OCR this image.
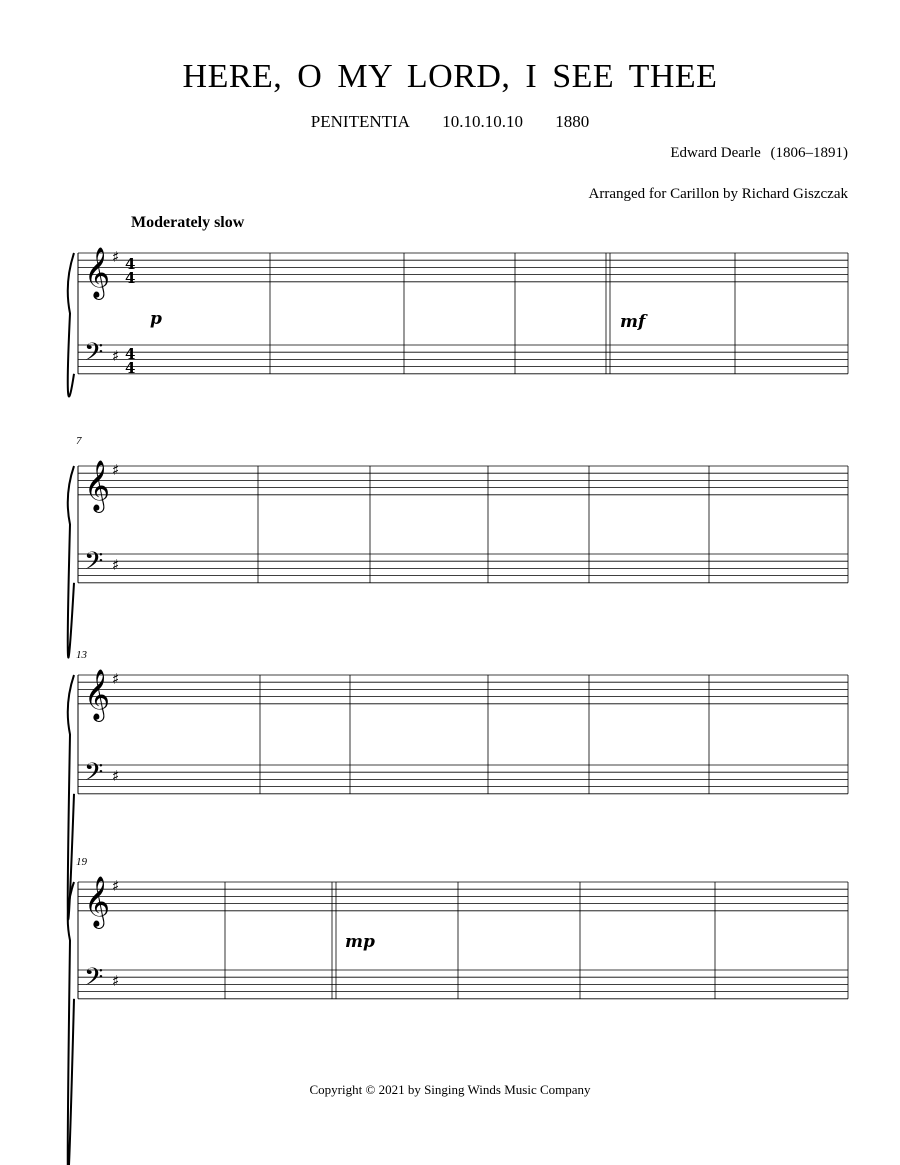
HERE, O MY LORD, I SEE THEE
PENITENTIA 10.10.10.10 1880
Edward Dearle (1806–1891)
Arranged for Carillon by Richard Giszczak
Moderately slow
𝄞 ♯
𝄢 ♯
𝄞 ♯
𝄢 ♯
𝄞 ♯
𝄢 ♯
𝄞 ♯
𝄢 ♯
7
13
19
p	mf
mp
4
4
4
4
Copyright © 2021 by Singing Winds Music Company
